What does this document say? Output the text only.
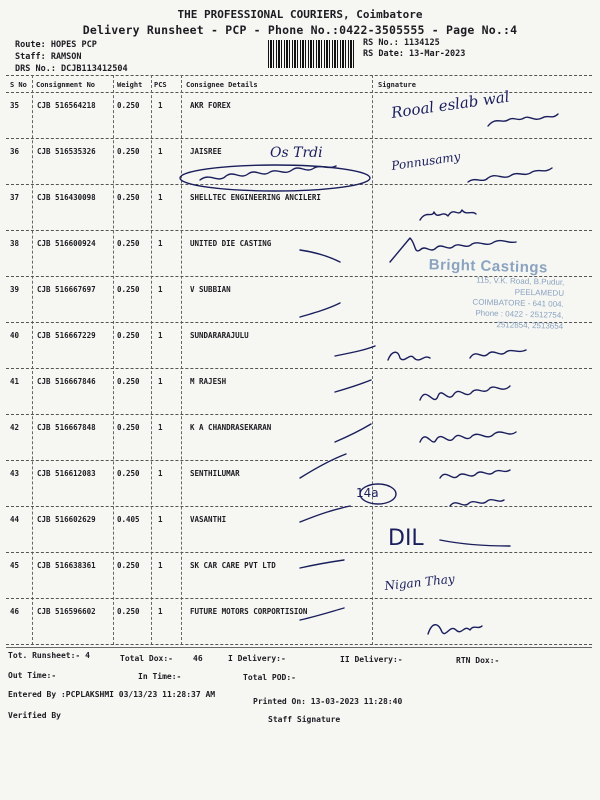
THE PROFESSIONAL COURIERS, Coimbatore
Delivery Runsheet - PCP - Phone No.:0422-3505555 - Page No.:4
Route: HOPES PCP
Staff: RAMSON
DRS No.: DCJB113412504
RS No.: 1134125
RS Date: 13-Mar-2023
S No Consignment No	Weight PCS	Consignee Details	Signature
35 CJB 516564218	0.250 1	AKR FOREX
36 CJB 516535326	0.250 1	JAISREE
37 CJB 516430098	0.250 1	SHELLTEC ENGINEERING ANCILERI
38 CJB 516600924	0.250 1	UNITED DIE CASTING
39 CJB 516667697	0.250 1	V SUBBIAN
40 CJB 516667229	0.250 1	SUNDARARAJULU
41 CJB 516667846	0.250 1	M RAJESH
42 CJB 516667848	0.250 1	K A CHANDRASEKARAN
43 CJB 516612083	0.250 1	SENTHILUMAR
44 CJB 516602629	0.405 1	VASANTHI
45 CJB 516638361	0.250 1	SK CAR CARE PVT LTD
46 CJB 516596602	0.250 1	FUTURE MOTORS CORPORTISION
Tot. Runsheet:- 4	Total Dox:-	46	I Delivery:-	II Delivery:-	RTN Dox:-
Out Time:-	In Time:-	Total POD:-
Entered By :PCPLAKSHMI 03/13/23 11:28:37 AM
Printed On: 13-03-2023 11:28:40
Verified By	Staff Signature
Bright Castings
115, V.K. Road, B.Pudur,
PEELAMEDU
COIMBATORE - 641 004.
Phone : 0422 - 2512754,
2512854, 2513654
Rooal eslab wal
Os Trdi	Ponnusamy
14a
DIL
Nigan Thay
